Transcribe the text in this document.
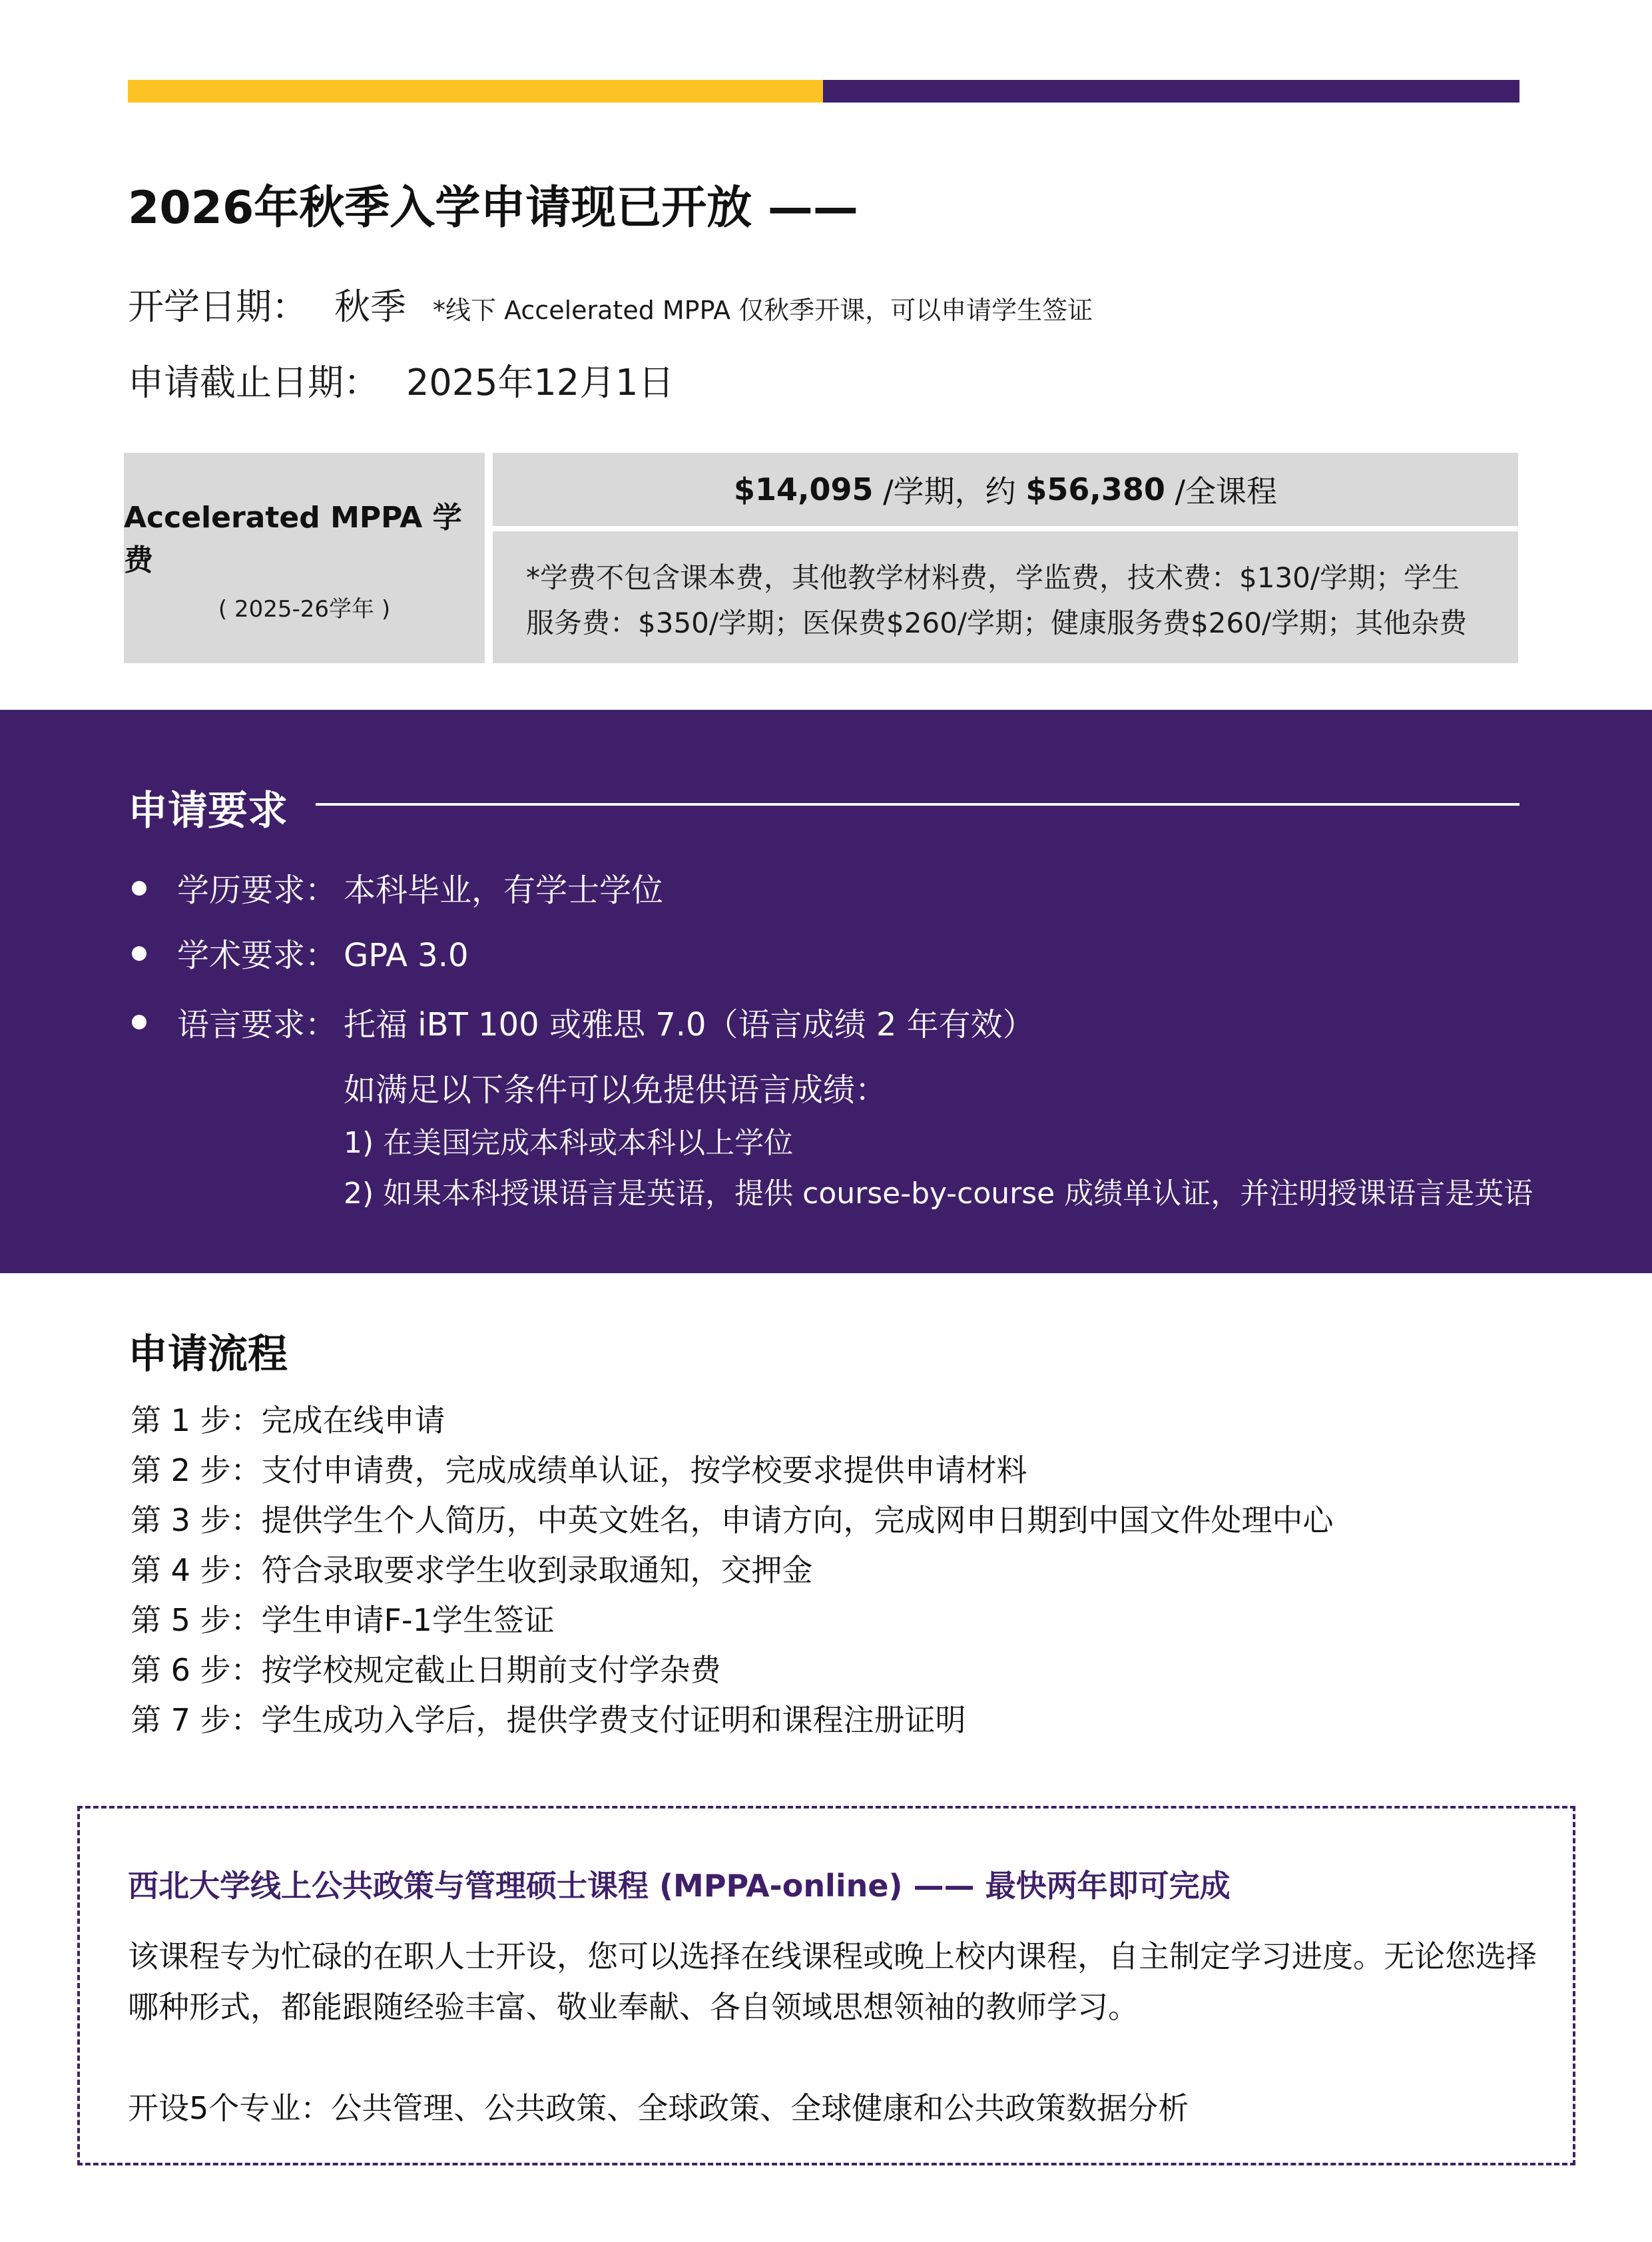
2026年秋季入学申请现已开放 ——
开学日期： 秋季 *线下 Accelerated MPPA 仅秋季开课，可以申请学生签证
申请截止日期： 2025年12月1日
Accelerated MPPA 学费
( 2025-26学年 )
$14,095 /学期，约 $56,380 /全课程
*学费不包含课本费，其他教学材料费，学监费，技术费：$130/学期；学生服务费：$350/学期；医保费$260/学期；健康服务费$260/学期；其他杂费
申请要求
学历要求： 本科毕业，有学士学位
学术要求： GPA 3.0
语言要求： 托福 iBT 100 或雅思 7.0（语言成绩 2 年有效）
如满足以下条件可以免提供语言成绩：
1) 在美国完成本科或本科以上学位
2) 如果本科授课语言是英语，提供 course-by-course 成绩单认证，并注明授课语言是英语
申请流程
第 1 步：完成在线申请
第 2 步：支付申请费，完成成绩单认证，按学校要求提供申请材料
第 3 步：提供学生个人简历，中英文姓名，申请方向，完成网申日期到中国文件处理中心
第 4 步：符合录取要求学生收到录取通知，交押金
第 5 步：学生申请F-1学生签证
第 6 步：按学校规定截止日期前支付学杂费
第 7 步：学生成功入学后，提供学费支付证明和课程注册证明
西北大学线上公共政策与管理硕士课程 (MPPA-online) —— 最快两年即可完成
该课程专为忙碌的在职人士开设，您可以选择在线课程或晚上校内课程，自主制定学习进度。无论您选择哪种形式，都能跟随经验丰富、敬业奉献、各自领域思想领袖的教师学习。
开设5个专业：公共管理、公共政策、全球政策、全球健康和公共政策数据分析
